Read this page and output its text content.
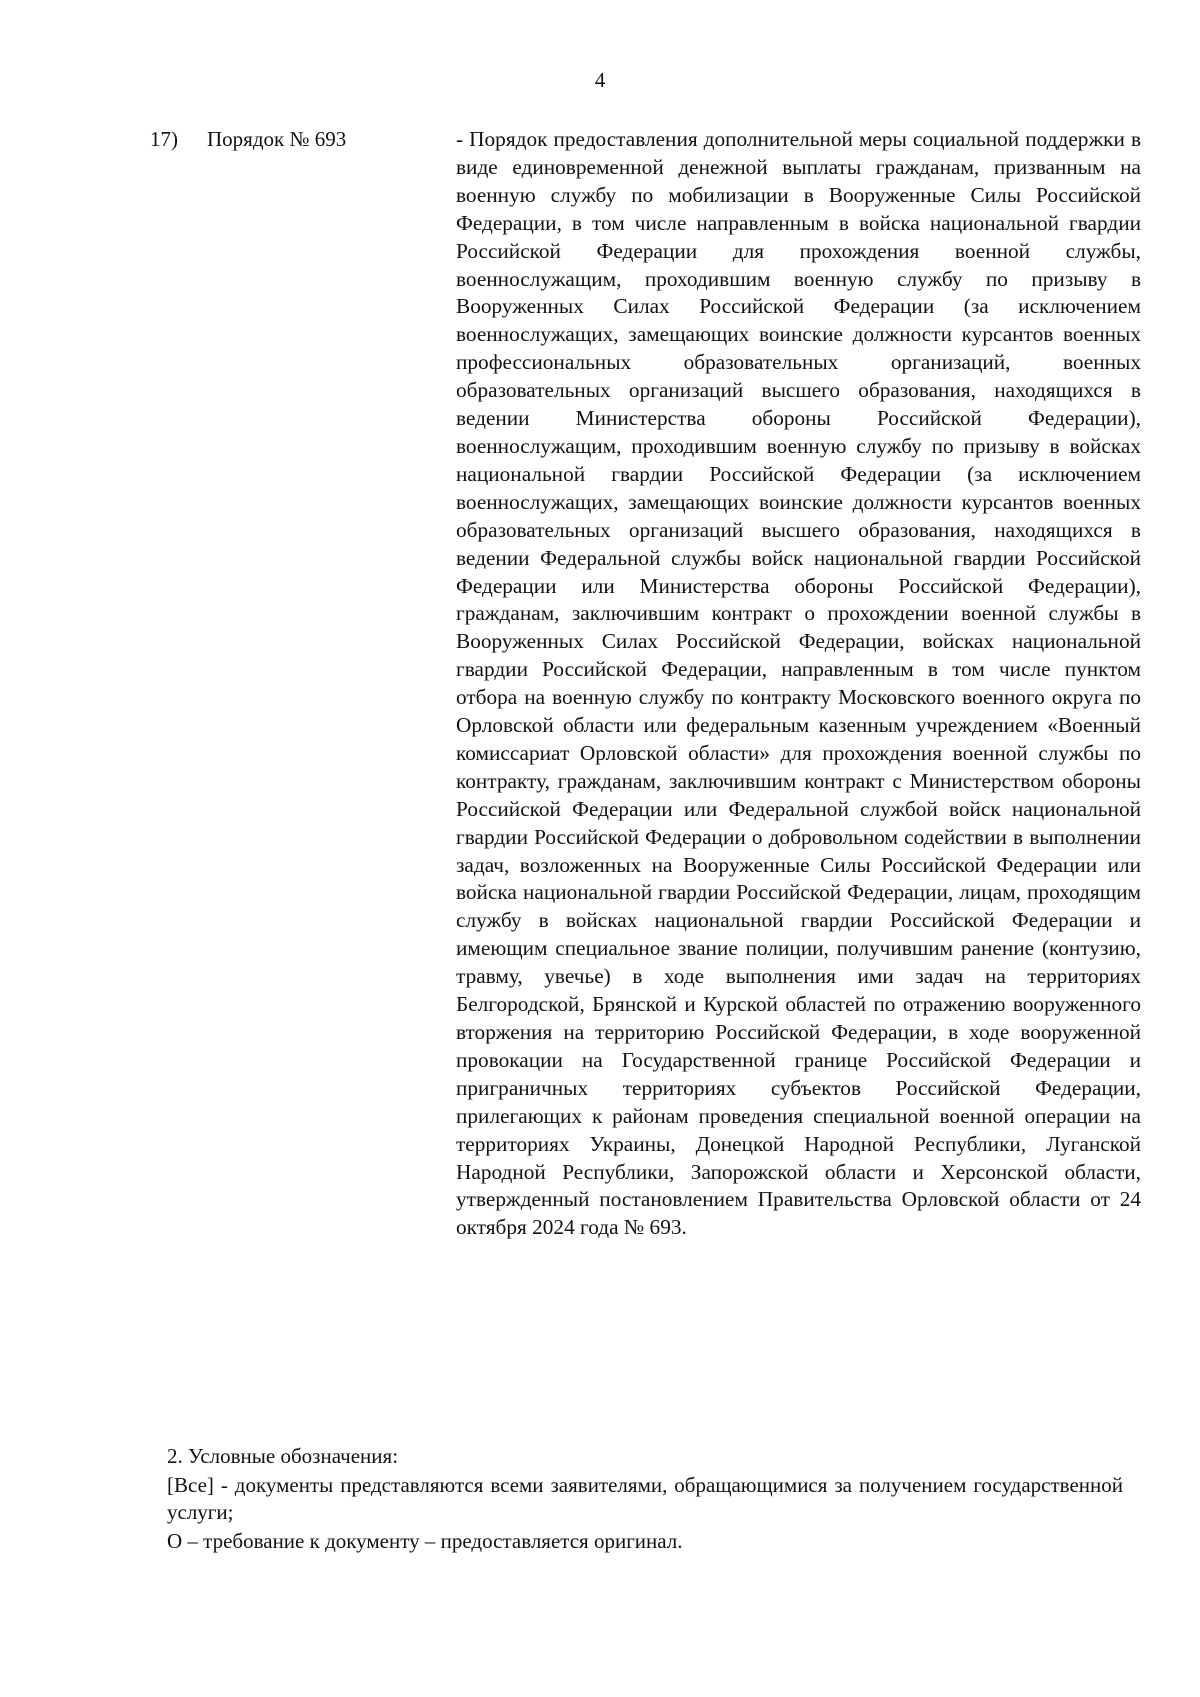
4
17) Порядок № 693	- Порядок предоставления дополнительной меры социальной поддержки в виде единовременной денежной выплаты гражданам, призванным на военную службу по мобилизации в Вооруженные Силы Российской Федерации, в том числе направленным в войска национальной гвардии Российской Федерации для прохождения военной службы, военнослужащим, проходившим военную службу по призыву в Вооруженных Силах Российской Федерации (за исключением военнослужащих, замещающих воинские должности курсантов военных профессиональных образовательных организаций, военных образовательных организаций высшего образования, находящихся в ведении Министерства обороны Российской Федерации), военнослужащим, проходившим военную службу по призыву в войсках национальной гвардии Российской Федерации (за исключением военнослужащих, замещающих воинские должности курсантов военных образовательных организаций высшего образования, находящихся в ведении Федеральной службы войск национальной гвардии Российской Федерации или Министерства обороны Российской Федерации), гражданам, заключившим контракт о прохождении военной службы в Вооруженных Силах Российской Федерации, войсках национальной гвардии Российской Федерации, направленным в том числе пунктом отбора на военную службу по контракту Московского военного округа по Орловской области или федеральным казенным учреждением «Военный комиссариат Орловской области» для прохождения военной службы по контракту, гражданам, заключившим контракт с Министерством обороны Российской Федерации или Федеральной службой войск национальной гвардии Российской Федерации о добровольном содействии в выполнении задач, возложенных на Вооруженные Силы Российской Федерации или войска национальной гвардии Российской Федерации, лицам, проходящим службу в войсках национальной гвардии Российской Федерации и имеющим специальное звание полиции, получившим ранение (контузию, травму, увечье) в ходе выполнения ими задач на территориях Белгородской, Брянской и Курской областей по отражению вооруженного вторжения на территорию Российской Федерации, в ходе вооруженной провокации на Государственной границе Российской Федерации и приграничных территориях субъектов Российской Федерации, прилегающих к районам проведения специальной военной операции на территориях Украины, Донецкой Народной Республики, Луганской Народной Республики, Запорожской области и Херсонской области, утвержденный постановлением Правительства Орловской области от 24 октября 2024 года № 693.

2. Условные обозначения:

[Все] - документы представляются всеми заявителями, обращающимися за получением государственной услуги;

О – требование к документу – предоставляется оригинал.
